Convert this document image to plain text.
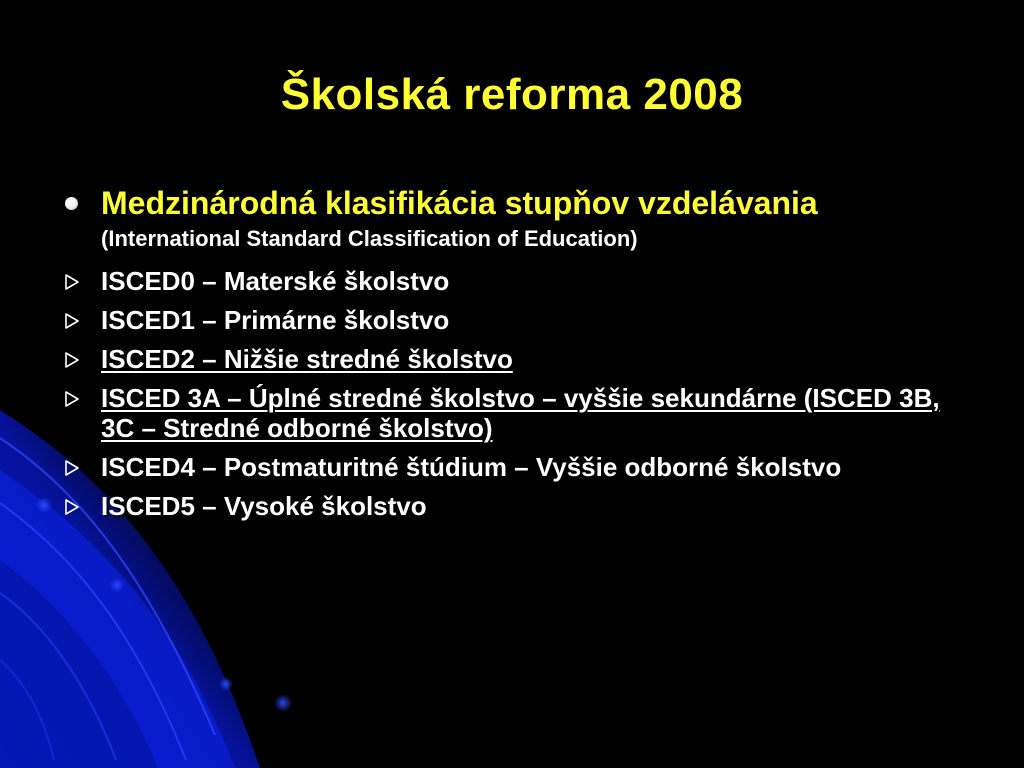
Školská reforma 2008
Medzinárodná klasifikácia stupňov vzdelávania (International Standard Classification of Education)
ISCED0 – Materské školstvo
ISCED1 – Primárne školstvo
ISCED2 – Nižšie stredné školstvo
ISCED 3A – Úplné stredné školstvo – vyššie sekundárne (ISCED 3B, 3C – Stredné odborné školstvo)
ISCED4 – Postmaturitné štúdium – Vyššie odborné školstvo
ISCED5 – Vysoké školstvo
